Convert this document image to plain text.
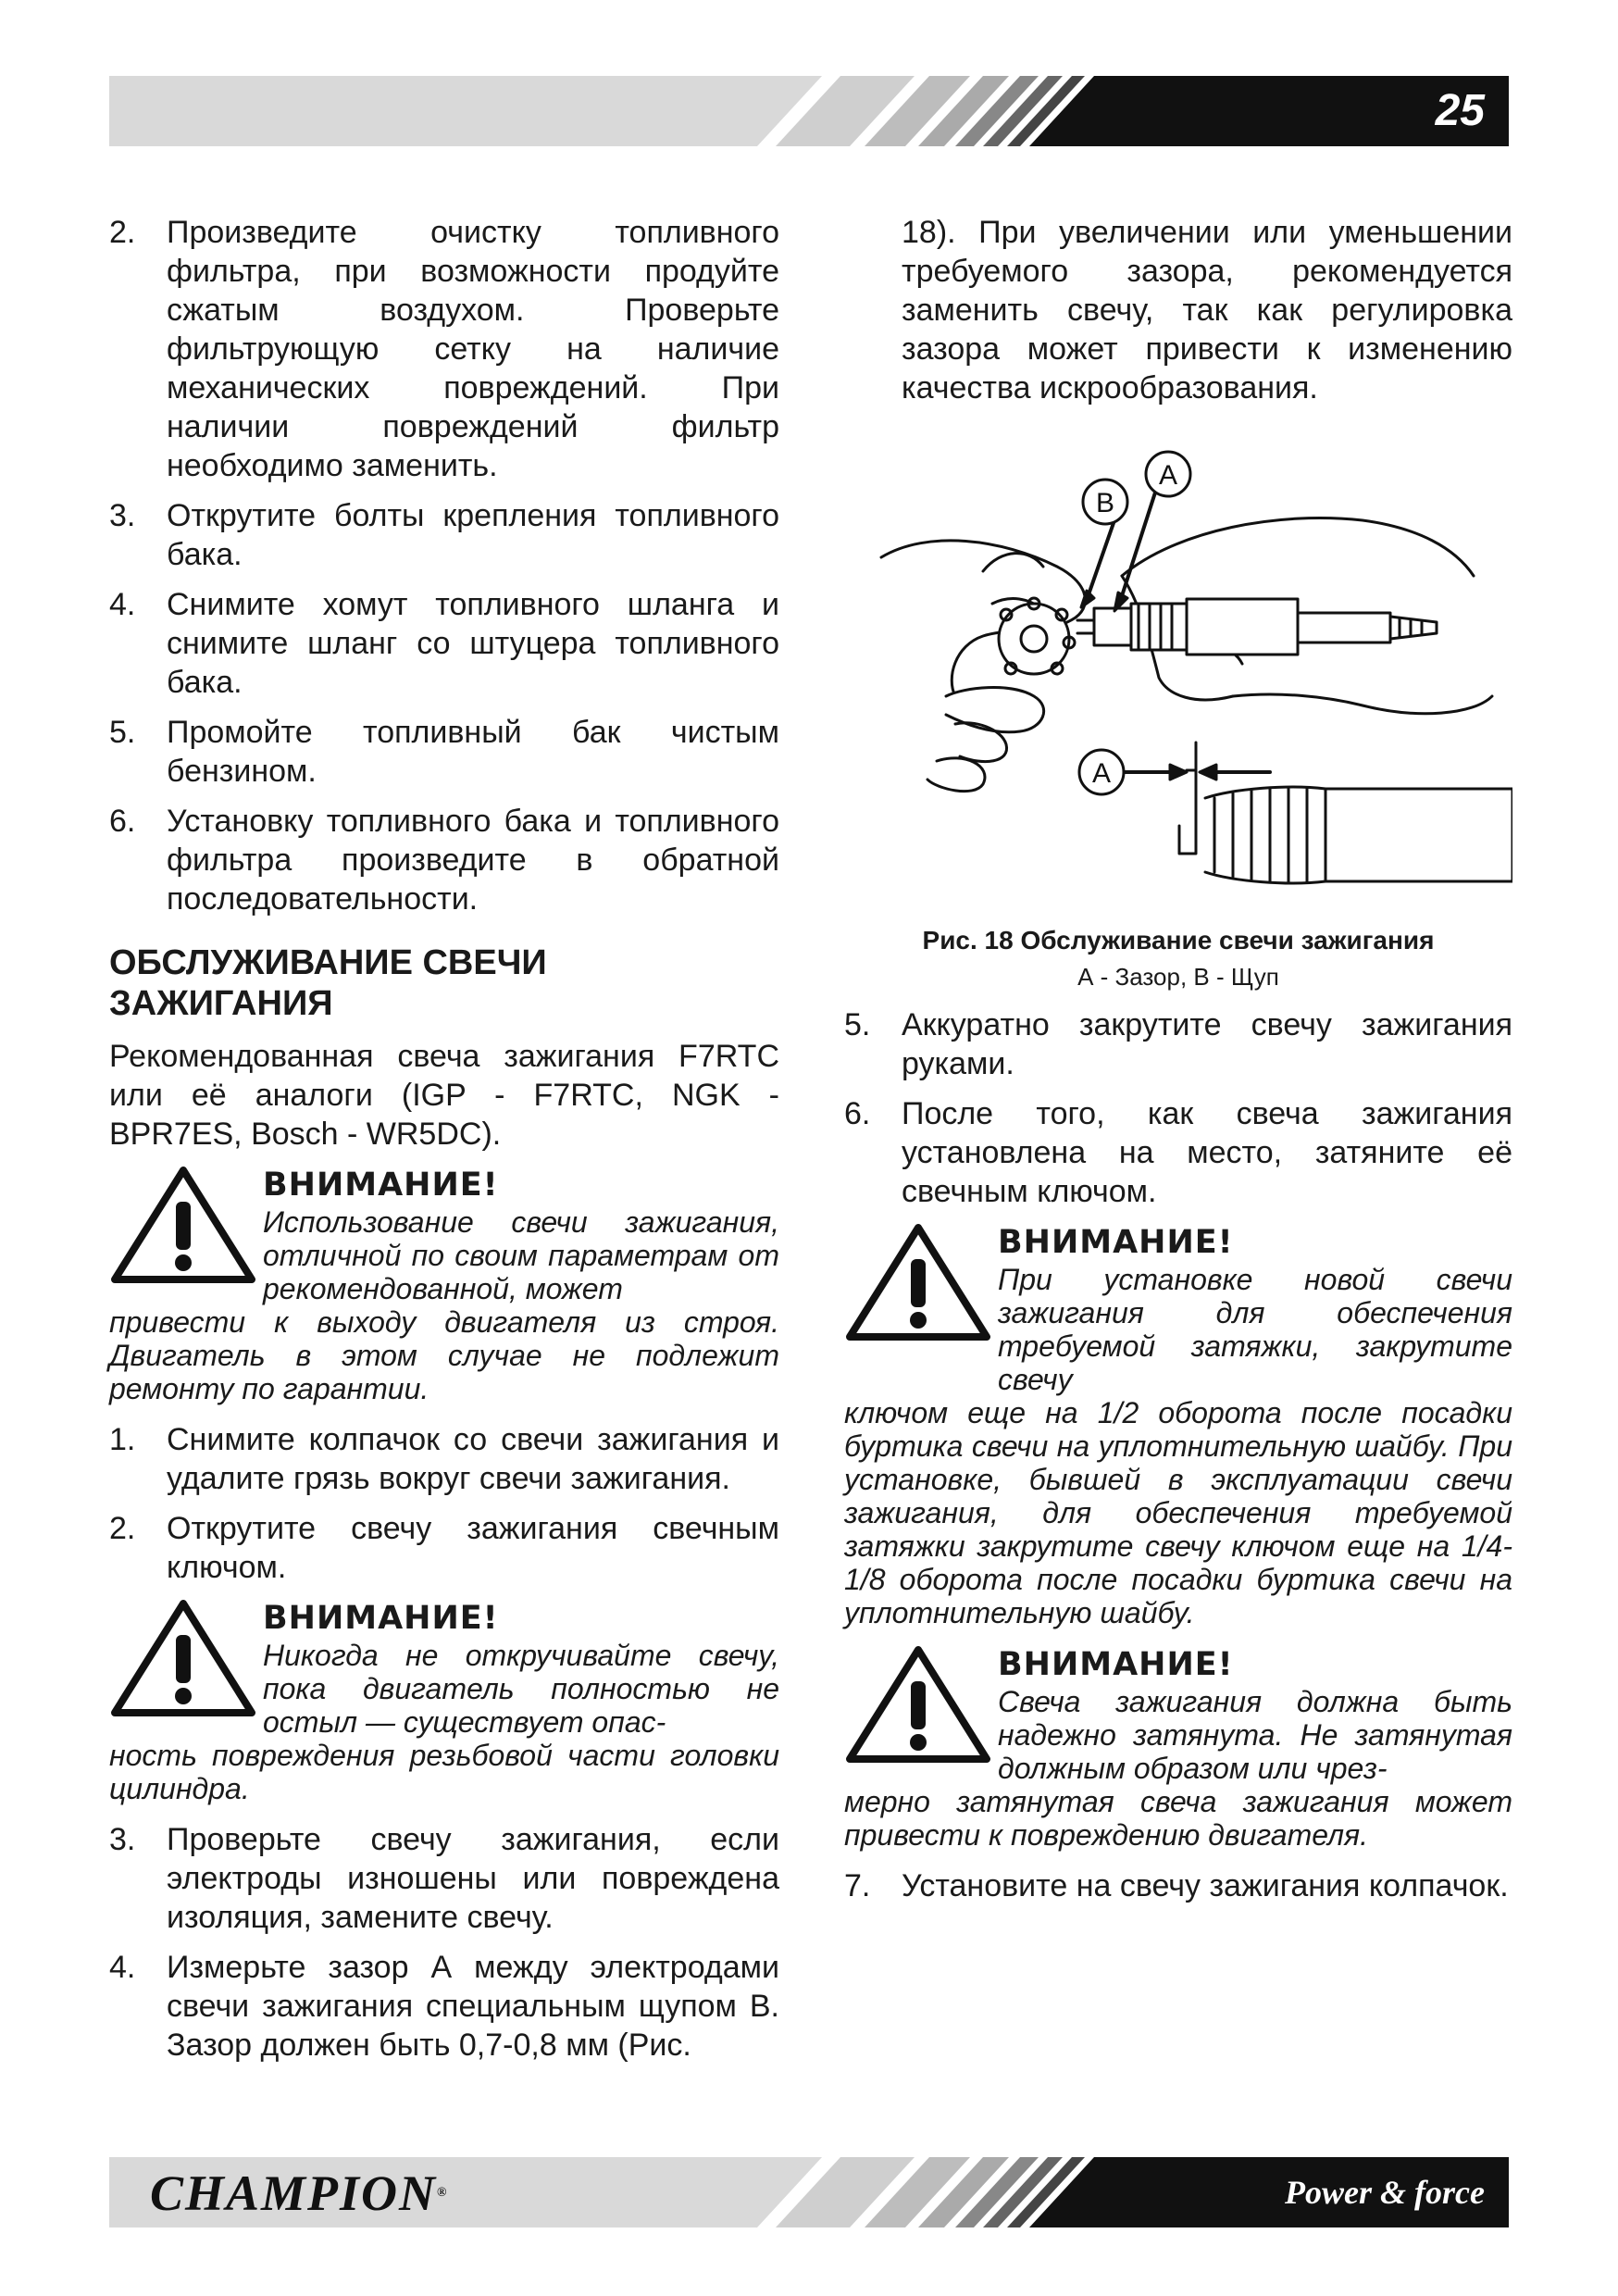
25
2. Произведите очистку топливного фильтра, при возможности продуйте сжатым воздухом. Проверьте фильтрующую сетку на наличие механических повреждений. При наличии повреждений фильтр необходимо заменить.
3. Открутите болты крепления топливного бака.
4. Снимите хомут топливного шланга и снимите шланг со штуцера топливного бака.
5. Промойте топливный бак чистым бензином.
6. Установку топливного бака и топливного фильтра произведите в обратной последовательности.
ОБСЛУЖИВАНИЕ СВЕЧИ ЗАЖИГАНИЯ

Рекомендованная свеча зажигания F7RTC или её аналоги (IGP - F7RTC, NGK - BPR7ES, Bosch - WR5DC).

ВНИМАНИЕ!
Использование свечи зажигания, отличной по своим параметрам от рекомендованной, может
привести к выходу двигателя из строя. Двигатель в этом случае не подлежит ремонту по гарантии.
1. Снимите колпачок со свечи зажигания и удалите грязь вокруг свечи зажигания.
2. Открутите свечу зажигания свечным ключом.
ВНИМАНИЕ!
Никогда не откручивайте свечу, пока двигатель полностью не остыл — существует опас-
ность повреждения резьбовой части головки цилиндра.
3. Проверьте свечу зажигания, если электроды изношены или повреждена изоляция, замените свечу.
4. Измерьте зазор А между электродами свечи зажигания специальным щупом В. Зазор должен быть 0,7-0,8 мм (Рис.

18). При увеличении или уменьшении требуемого зазора, рекомендуется заменить свечу, так как регулировка зазора может привести к изменению качества искрообразования.

B
A
A
Рис. 18 Обслуживание свечи зажигания
А - Зазор, В - Щуп
5. Аккуратно закрутите свечу зажигания руками.
6. После того, как свеча зажигания установлена на место, затяните её свечным ключом.
ВНИМАНИЕ!
При установке новой свечи зажигания для обеспечения требуемой затяжки, закрутите свечу
ключом еще на 1/2 оборота после посадки буртика свечи на уплотнительную шайбу. При установке, бывшей в эксплуатации свечи зажигания, для обеспечения требуемой затяжки закрутите свечу ключом еще на 1/4-1/8 оборота после посадки буртика свечи на уплотнительную шайбу.
ВНИМАНИЕ!
Свеча зажигания должна быть надежно затянута. Не затянутая должным образом или чрез-
мерно затянутая свеча зажигания может привести к повреждению двигателя.
7. Установите на свечу зажигания колпачок.
CHAMPION®	Power & force
